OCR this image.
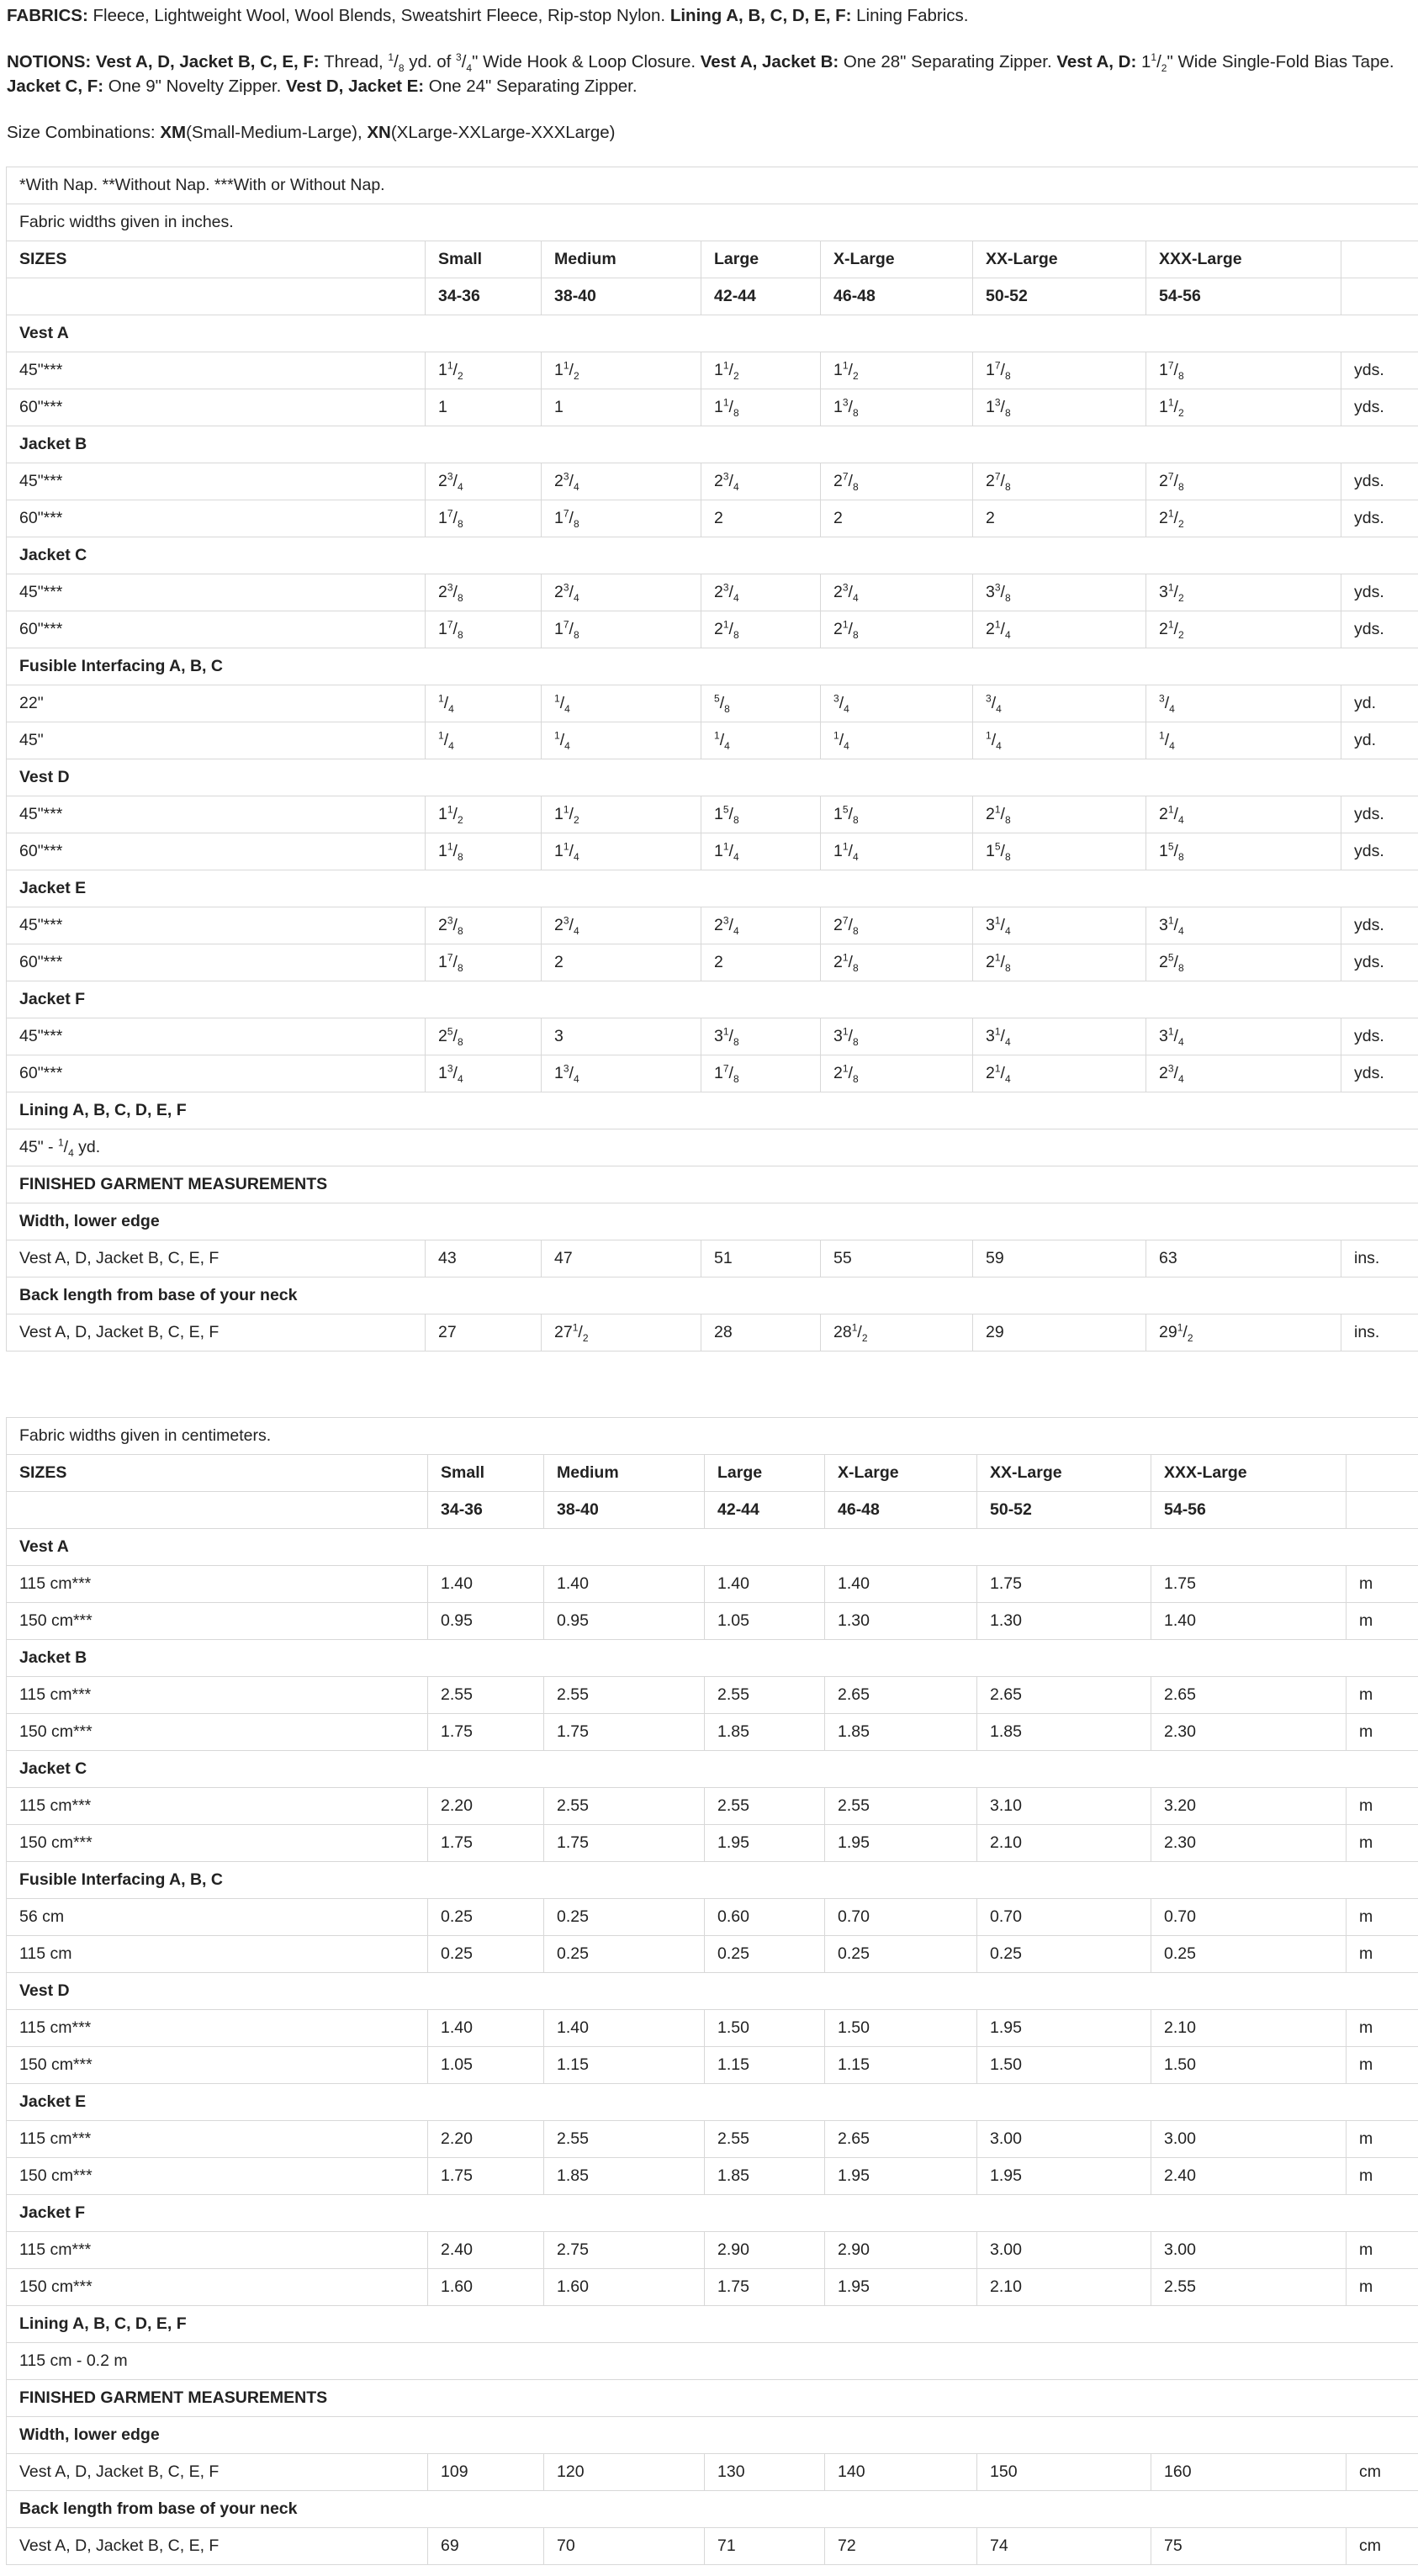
FABRICS: Fleece, Lightweight Wool, Wool Blends, Sweatshirt Fleece, Rip-stop Nylon. Lining A, B, C, D, E, F: Lining Fabrics.

NOTIONS: Vest A, D, Jacket B, C, E, F: Thread, $^1/_8$ yd. of $^3/_4$" Wide Hook & Loop Closure. Vest A, Jacket B: One 28" Separating Zipper. Vest A, D: $1^1/_2$" Wide Single-Fold Bias Tape. Jacket C, F: One 9" Novelty Zipper. Vest D, Jacket E: One 24" Separating Zipper.

Size Combinations: XM(Small-Medium-Large), XN(XLarge-XXLarge-XXXLarge)

*With Nap. **Without Nap. ***With or Without Nap.							
Fabric widths given in inches.							
SIZES	Small	Medium	Large	X-Large	XX-Large	XXX-Large	
	34-36	38-40	42-44	46-48	50-52	54-56	
Vest A							
45"***	$1^1/_2$	$1^1/_2$	$1^1/_2$	$1^1/_2$	$1^7/_8$	$1^7/_8$	yds.
60"***	1	1	$1^1/_8$	$1^3/_8$	$1^3/_8$	$1^1/_2$	yds.
Jacket B							
45"***	$2^3/_4$	$2^3/_4$	$2^3/_4$	$2^7/_8$	$2^7/_8$	$2^7/_8$	yds.
60"***	$1^7/_8$	$1^7/_8$	2	2	2	$2^1/_2$	yds.
Jacket C							
45"***	$2^3/_8$	$2^3/_4$	$2^3/_4$	$2^3/_4$	$3^3/_8$	$3^1/_2$	yds.
60"***	$1^7/_8$	$1^7/_8$	$2^1/_8$	$2^1/_8$	$2^1/_4$	$2^1/_2$	yds.
Fusible Interfacing A, B, C							
22"	$^1/_4$	$^1/_4$	$^5/_8$	$^3/_4$	$^3/_4$	$^3/_4$	yd.
45"	$^1/_4$	$^1/_4$	$^1/_4$	$^1/_4$	$^1/_4$	$^1/_4$	yd.
Vest D							
45"***	$1^1/_2$	$1^1/_2$	$1^5/_8$	$1^5/_8$	$2^1/_8$	$2^1/_4$	yds.
60"***	$1^1/_8$	$1^1/_4$	$1^1/_4$	$1^1/_4$	$1^5/_8$	$1^5/_8$	yds.
Jacket E							
45"***	$2^3/_8$	$2^3/_4$	$2^3/_4$	$2^7/_8$	$3^1/_4$	$3^1/_4$	yds.
60"***	$1^7/_8$	2	2	$2^1/_8$	$2^1/_8$	$2^5/_8$	yds.
Jacket F							
45"***	$2^5/_8$	3	$3^1/_8$	$3^1/_8$	$3^1/_4$	$3^1/_4$	yds.
60"***	$1^3/_4$	$1^3/_4$	$1^7/_8$	$2^1/_8$	$2^1/_4$	$2^3/_4$	yds.
Lining A, B, C, D, E, F							
45" - $^1/_4$ yd.							
FINISHED GARMENT MEASUREMENTS							
Width, lower edge							
Vest A, D, Jacket B, C, E, F	43	47	51	55	59	63	ins.
Back length from base of your neck							
Vest A, D, Jacket B, C, E, F	27	$27^1/_2$	28	$28^1/_2$	29	$29^1/_2$	ins.
Fabric widths given in centimeters.							
SIZES	Small	Medium	Large	X-Large	XX-Large	XXX-Large	
	34-36	38-40	42-44	46-48	50-52	54-56	
Vest A							
115 cm***	1.40	1.40	1.40	1.40	1.75	1.75	m
150 cm***	0.95	0.95	1.05	1.30	1.30	1.40	m
Jacket B							
115 cm***	2.55	2.55	2.55	2.65	2.65	2.65	m
150 cm***	1.75	1.75	1.85	1.85	1.85	2.30	m
Jacket C							
115 cm***	2.20	2.55	2.55	2.55	3.10	3.20	m
150 cm***	1.75	1.75	1.95	1.95	2.10	2.30	m
Fusible Interfacing A, B, C							
56 cm	0.25	0.25	0.60	0.70	0.70	0.70	m
115 cm	0.25	0.25	0.25	0.25	0.25	0.25	m
Vest D							
115 cm***	1.40	1.40	1.50	1.50	1.95	2.10	m
150 cm***	1.05	1.15	1.15	1.15	1.50	1.50	m
Jacket E							
115 cm***	2.20	2.55	2.55	2.65	3.00	3.00	m
150 cm***	1.75	1.85	1.85	1.95	1.95	2.40	m
Jacket F							
115 cm***	2.40	2.75	2.90	2.90	3.00	3.00	m
150 cm***	1.60	1.60	1.75	1.95	2.10	2.55	m
Lining A, B, C, D, E, F							
115 cm - 0.2 m							
FINISHED GARMENT MEASUREMENTS							
Width, lower edge							
Vest A, D, Jacket B, C, E, F	109	120	130	140	150	160	cm
Back length from base of your neck							
Vest A, D, Jacket B, C, E, F	69	70	71	72	74	75	cm
